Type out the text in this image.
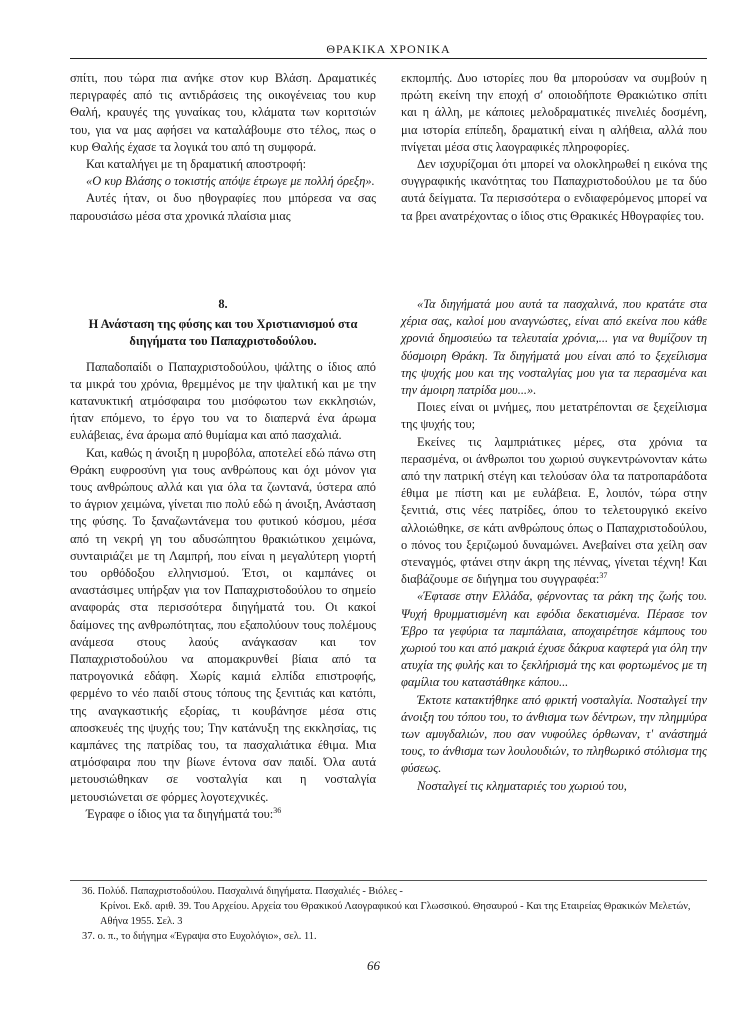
ΘΡΑΚΙΚΑ ΧΡΟΝΙΚΑ

σπίτι, που τώρα πια ανήκε στον κυρ Βλάση. Δραματικές περιγραφές από τις αντιδράσεις της οικογένειας του κυρ Θαλή, κραυγές της γυναίκας του, κλάματα των κοριτσιών του, για να μας αφήσει να καταλάβουμε στο τέλος, πως ο κυρ Θαλής έχασε τα λογικά του από τη συμφορά.

Και καταλήγει με τη δραματική αποστροφή:

«Ο κυρ Βλάσης ο τοκιστής απόψε έτρωγε με πολλή όρεξη».

Αυτές ήταν, οι δυο ηθογραφίες που μπόρεσα να σας παρουσιάσω μέσα στα χρονικά πλαίσια μιας

εκπομπής. Δυο ιστορίες που θα μπορούσαν να συμβούν η πρώτη εκείνη την εποχή σ' οποιοδήποτε Θρακιώτικο σπίτι και η άλλη, με κάποιες μελοδραματικές πινελιές δοσμένη, μια ιστορία επίπεδη, δραματική είναι η αλήθεια, αλλά που πνίγεται μέσα στις λαογραφικές πληροφορίες.

Δεν ισχυρίζομαι ότι μπορεί να ολοκληρωθεί η εικόνα της συγγραφικής ικανότητας του Παπαχριστοδούλου με τα δύο αυτά δείγματα. Τα περισσότερα ο ενδιαφερόμενος μπορεί να τα βρει ανατρέχοντας ο ίδιος στις Θρακικές Ηθογραφίες του.

8.

Η Ανάσταση της φύσης και του Χριστιανισμού στα διηγήματα του Παπαχριστοδούλου.

Παπαδοπαίδι ο Παπαχριστοδούλου, ψάλτης ο ίδιος από τα μικρά του χρόνια, θρεμμένος με την ψαλτική και με την κατανυκτική ατμόσφαιρα του μισόφωτου των εκκλησιών, ήταν επόμενο, το έργο του να το διαπερνά ένα άρωμα ευλάβειας, ένα άρωμα από θυμίαμα και από πασχαλιά.

Και, καθώς η άνοιξη η μυροβόλα, αποτελεί εδώ πάνω στη Θράκη ευφροσύνη για τους ανθρώπους και όχι μόνον για τους ανθρώπους αλλά και για όλα τα ζωντανά, ύστερα από το άγριον χειμώνα, γίνεται πιο πολύ εδώ η άνοιξη, Ανάσταση της φύσης. Το ξαναζωντάνεμα του φυτικού κόσμου, μέσα από τη νεκρή γη του αδυσώπητου θρακιώτικου χειμώνα, συνταιριάζει με τη Λαμπρή, που είναι η μεγαλύτερη γιορτή του ορθόδοξου ελληνισμού. Έτσι, οι καμπάνες οι αναστάσιμες υπήρξαν για τον Παπαχριστοδούλου το σημείο αναφοράς στα περισσότερα διηγήματά του. Οι κακοί δαίμονες της ανθρωπότητας, που εξαπολύουν τους πολέμους ανάμεσα στους λαούς ανάγκασαν και τον Παπαχριστοδούλου να απομακρυνθεί βίαια από τα πατρογονικά εδάφη. Χωρίς καμιά ελπίδα επιστροφής, φερμένο το νέο παιδί στους τόπους της ξενιτιάς και κατόπι, της αναγκαστικής εξορίας, τι κουβάνησε μέσα στις αποσκευές της ψυχής του; Την κατάνυξη της εκκλησίας, τις καμπάνες της πατρίδας του, τα πασχαλιάτικα έθιμα. Μια ατμόσφαιρα που την βίωνε έντονα σαν παιδί. Όλα αυτά μετουσιώθηκαν σε νοσταλγία και η νοσταλγία μετουσιώνεται σε φόρμες λογοτεχνικές.

Έγραφε ο ίδιος για τα διηγήματά του:$^{36}$

«Τα διηγήματά μου αυτά τα πασχαλινά, που κρατάτε στα χέρια σας, καλοί μου αναγνώστες, είναι από εκείνα που κάθε χρονιά δημοσιεύω τα τελευταία χρόνια,... για να θυμίζουν τη δύσμοιρη Θράκη. Τα διηγήματά μου είναι από το ξεχείλισμα της ψυχής μου και της νοσταλγίας μου για τα περασμένα και την άμοιρη πατρίδα μου...».

Ποιες είναι οι μνήμες, που μετατρέπονται σε ξεχείλισμα της ψυχής του;

Εκείνες τις λαμπριάτικες μέρες, στα χρόνια τα περασμένα, οι άνθρωποι του χωριού συγκεντρώνονταν κάτω από την πατρική στέγη και τελούσαν όλα τα πατροπαράδοτα έθιμα με πίστη και με ευλάβεια. Ε, λοιπόν, τώρα στην ξενιτιά, στις νέες πατρίδες, όπου το τελετουργικό εκείνο αλλοιώθηκε, σε κάτι ανθρώπους όπως ο Παπαχριστοδούλου, ο πόνος του ξεριζωμού δυναμώνει. Ανεβαίνει στα χείλη σαν στεναγμός, φτάνει στην άκρη της πέννας, γίνεται τέχνη! Και διαβάζουμε σε διήγημα του συγγραφέα:$^{37}$

«Έφτασε στην Ελλάδα, φέρνοντας τα ράκη της ζωής του. Ψυχή θρυμματισμένη και εφόδια δεκατισμένα. Πέρασε τον Έβρο τα γεφύρια τα παμπάλαια, αποχαιρέτησε κάμπους του χωριού του και από μακριά έχυσε δάκρυα καφτερά για όλη την ατυχία της φυλής και το ξεκλήρισμά της και φορτωμένος με τη φαμίλια του καταστάθηκε κάπου...

Έκτοτε κατακτήθηκε από φρικτή νοσταλγία. Νοσταλγεί την άνοιξη του τόπου του, το άνθισμα των δέντρων, την πλημμύρα των αμυγδαλιών, που σαν νυφούλες όρθωναν, τ' ανάστημά τους, το άνθισμα των λουλουδιών, το πληθωρικό στόλισμα της φύσεως.

Νοσταλγεί τις κληματαριές του χωριού του,

36. Πολύδ. Παπαχριστοδούλου. Πασχαλινά διηγήματα. Πασχαλιές - Βιόλες -

Κρίνοι. Εκδ. αριθ. 39. Του Αρχείου. Αρχεία του Θρακικού Λαογραφικού και Γλωσσικού. Θησαυρού - Και της Εταιρείας Θρακικών Μελετών, Αθήνα 1955. Σελ. 3

37. ο. π., το διήγημα «Έγραψα στο Ευχολόγιο», σελ. 11.

66
